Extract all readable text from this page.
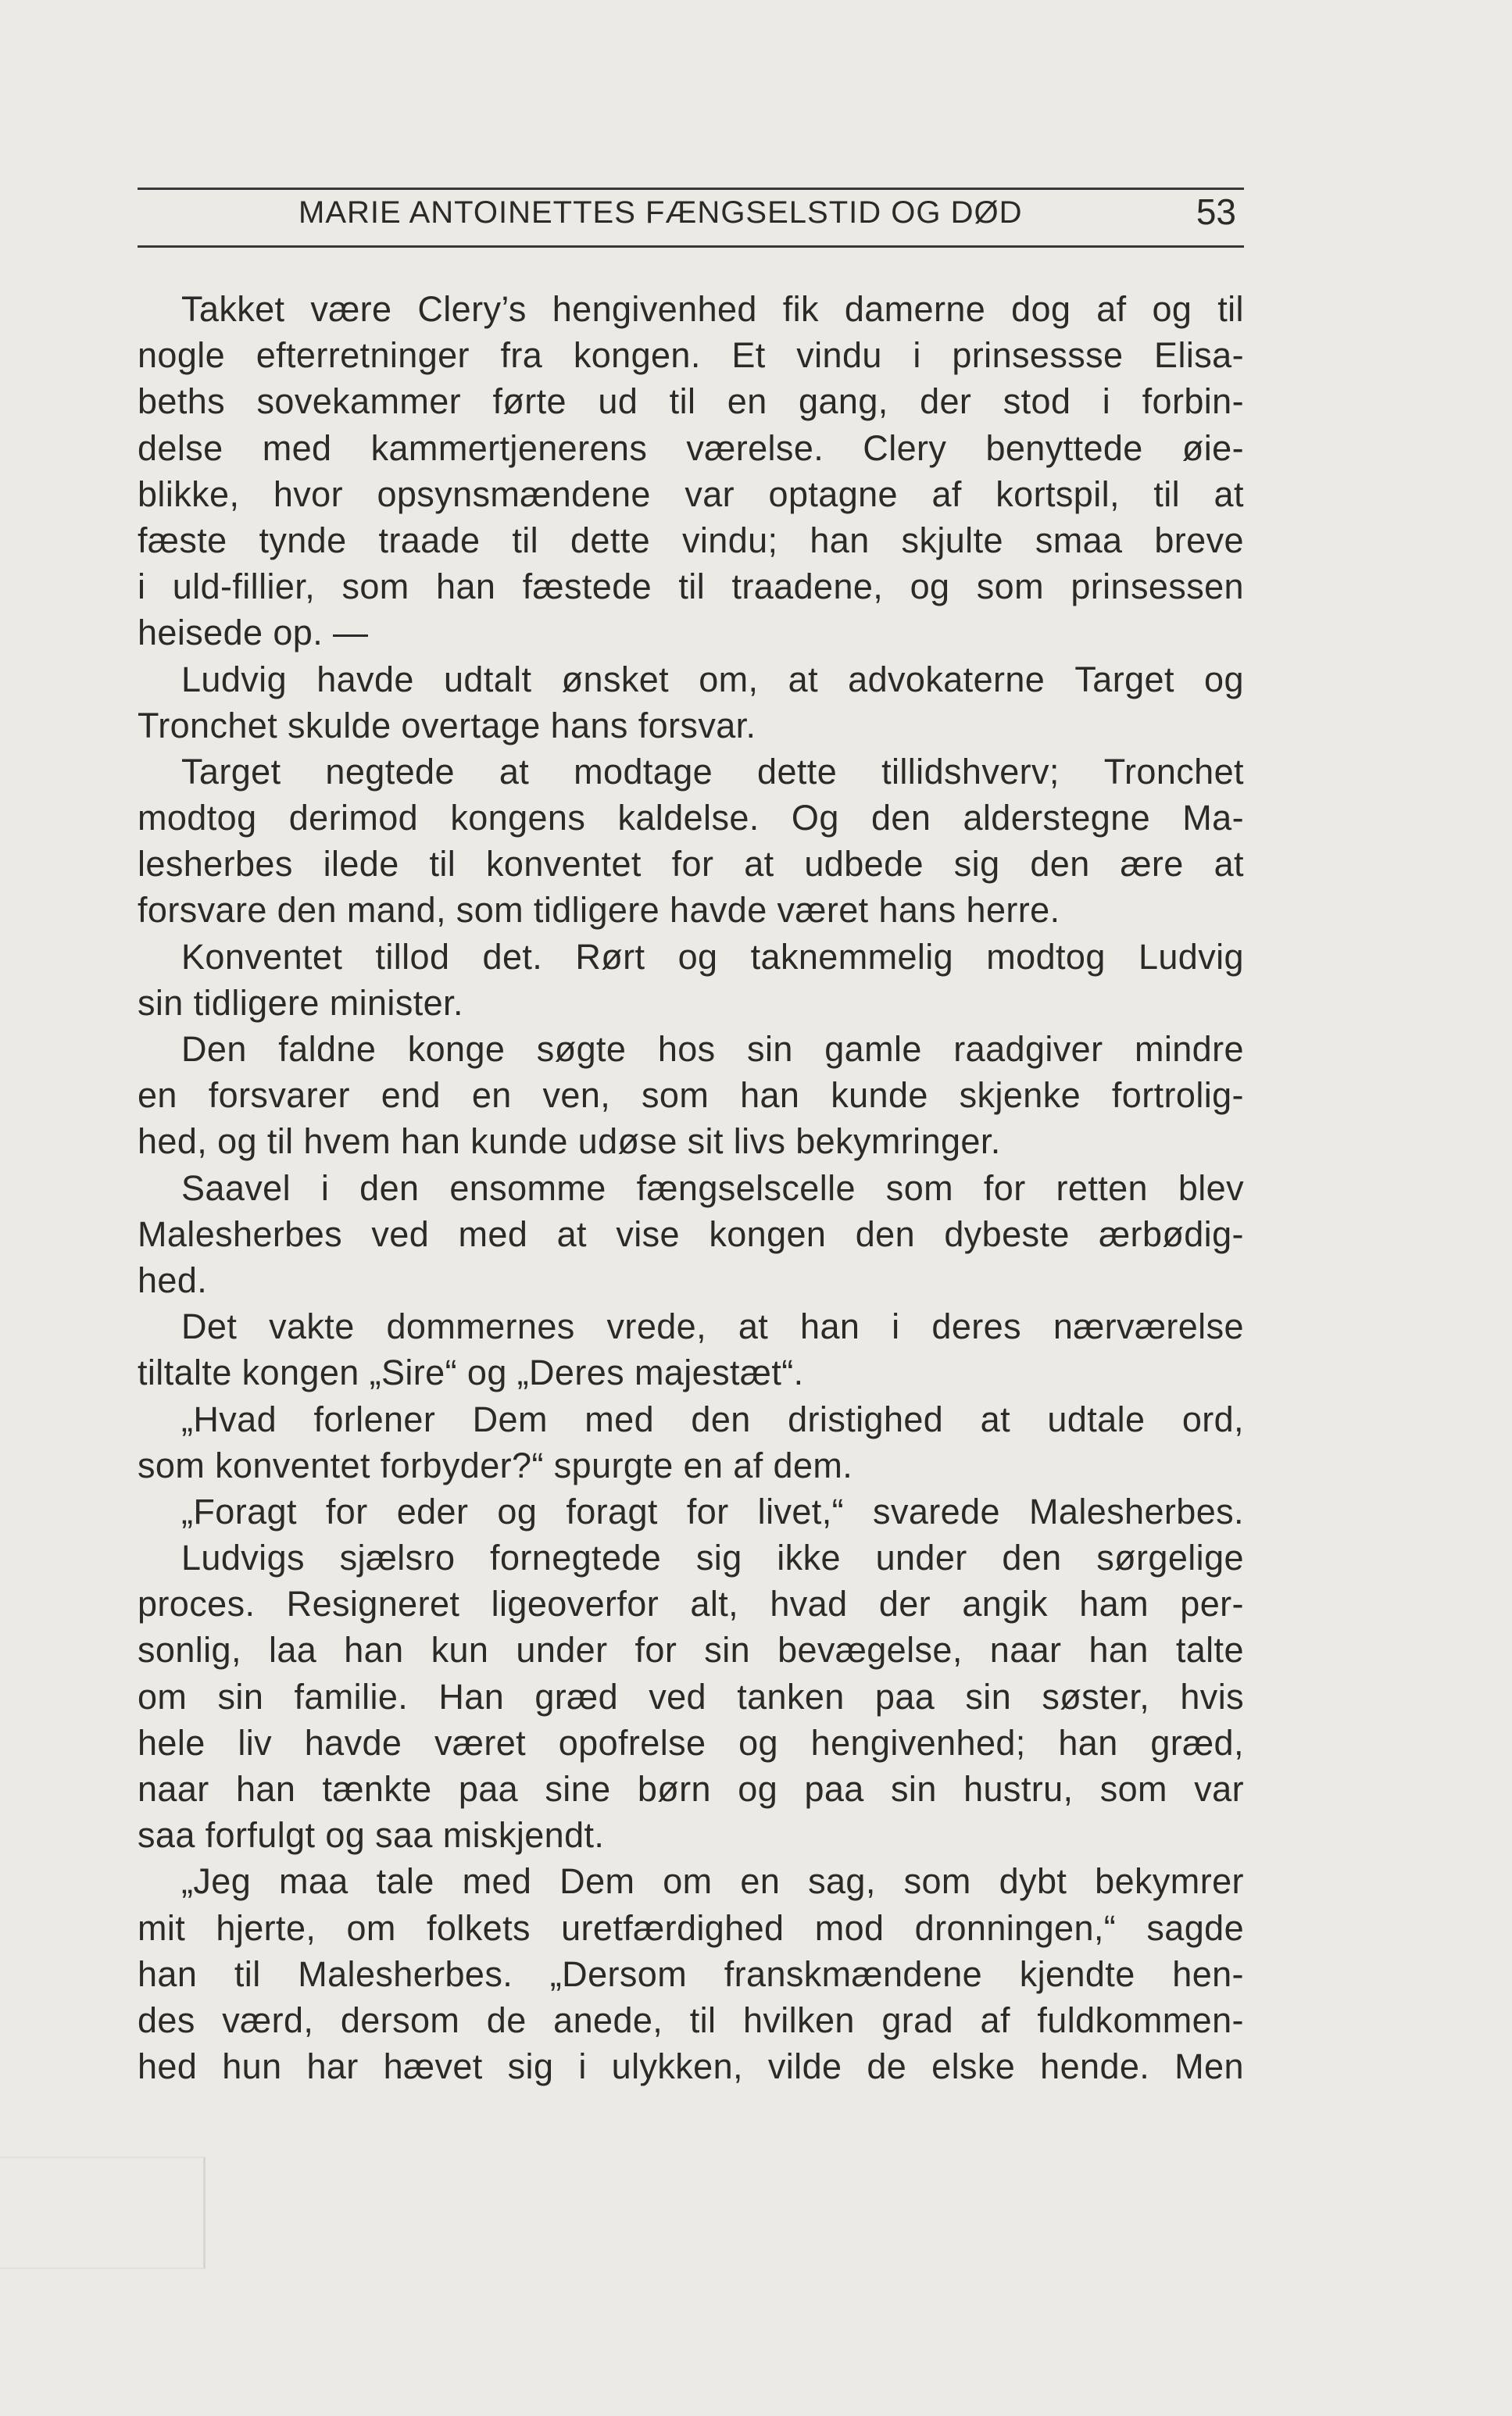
MARIE ANTOINETTES FÆNGSELSTID OG DØD	53
Takket være Clery’s hengivenhed fik damerne dog af og til
nogle efterretninger fra kongen. Et vindu i prinsessse Elisa-
beths sovekammer førte ud til en gang, der stod i forbin-
delse med kammertjenerens værelse. Clery benyttede øie-
blikke, hvor opsynsmændene var optagne af kortspil, til at
fæste tynde traade til dette vindu; han skjulte smaa breve
i uld-fillier, som han fæstede til traadene, og som prinsessen
heisede op. —
Ludvig havde udtalt ønsket om, at advokaterne Target og
Tronchet skulde overtage hans forsvar.
Target negtede at modtage dette tillidshverv; Tronchet
modtog derimod kongens kaldelse. Og den alderstegne Ma-
lesherbes ilede til konventet for at udbede sig den ære at
forsvare den mand, som tidligere havde været hans herre.
Konventet tillod det. Rørt og taknemmelig modtog Ludvig
sin tidligere minister.
Den faldne konge søgte hos sin gamle raadgiver mindre
en forsvarer end en ven, som han kunde skjenke fortrolig-
hed, og til hvem han kunde udøse sit livs bekymringer.
Saavel i den ensomme fængselscelle som for retten blev
Malesherbes ved med at vise kongen den dybeste ærbødig-
hed.
Det vakte dommernes vrede, at han i deres nærværelse
tiltalte kongen „Sire“ og „Deres majestæt“.
„Hvad forlener Dem med den dristighed at udtale ord,
som konventet forbyder?“ spurgte en af dem.
„Foragt for eder og foragt for livet,“ svarede Malesherbes.
Ludvigs sjælsro fornegtede sig ikke under den sørgelige
proces. Resigneret ligeoverfor alt, hvad der angik ham per-
sonlig, laa han kun under for sin bevægelse, naar han talte
om sin familie. Han græd ved tanken paa sin søster, hvis
hele liv havde været opofrelse og hengivenhed; han græd,
naar han tænkte paa sine børn og paa sin hustru, som var
saa forfulgt og saa miskjendt.
„Jeg maa tale med Dem om en sag, som dybt bekymrer
mit hjerte, om folkets uretfærdighed mod dronningen,“ sagde
han til Malesherbes. „Dersom franskmændene kjendte hen-
des værd, dersom de anede, til hvilken grad af fuldkommen-
hed hun har hævet sig i ulykken, vilde de elske hende. Men
